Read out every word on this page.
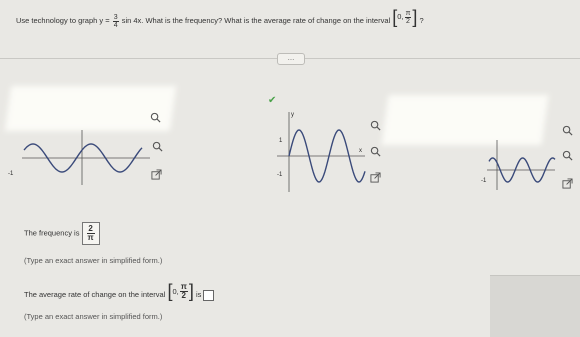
Use technology to graph $y = \frac{3}{4}$ sin 4x. What is the frequency? What is the average rate of change on the interval [ 0, $\frac{\pi}{2}$ ] ?
...
✔
-1
y
x
1
-1
-1
The frequency is $\frac{2}{\pi}$
(Type an exact answer in simplified form.)
The average rate of change on the interval [ 0, $\frac{\pi}{2}$ ] is
(Type an exact answer in simplified form.)
